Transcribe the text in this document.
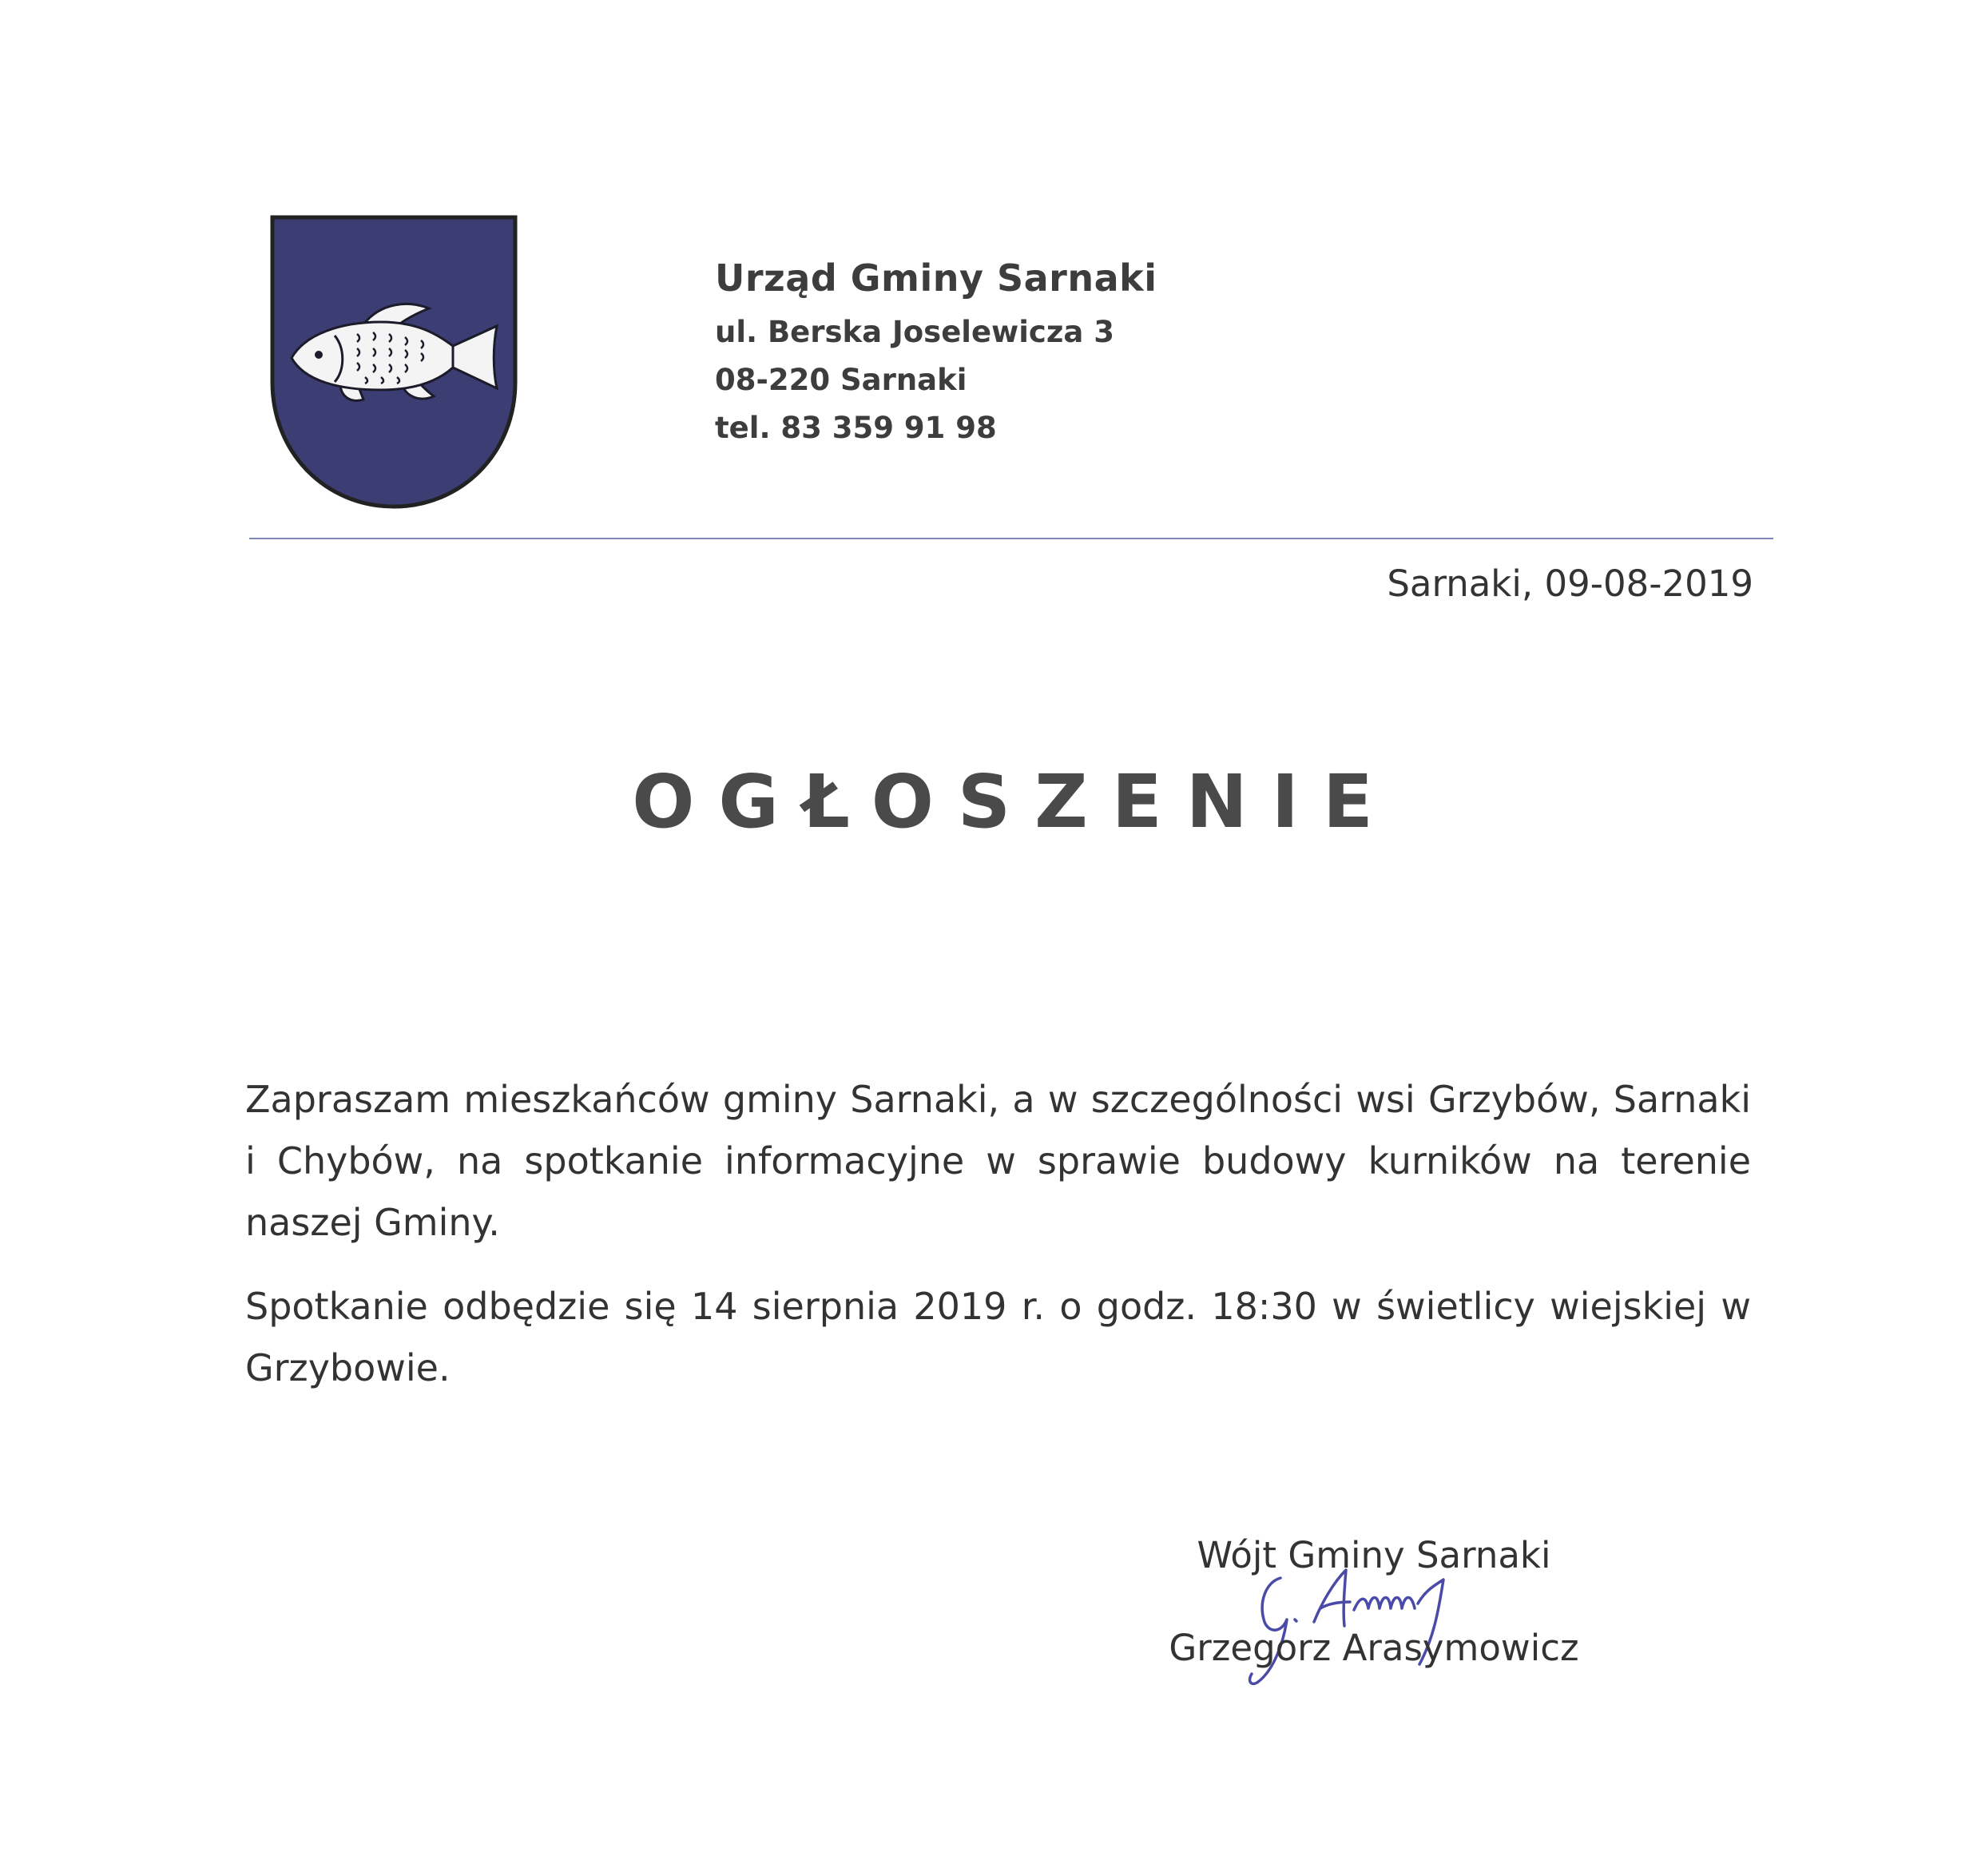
Urząd Gminy Sarnaki
ul. Berska Joselewicza 3
08-220 Sarnaki
tel. 83 359 91 98
Sarnaki, 09-08-2019
OGŁOSZENIE

Zapraszam mieszkańców gminy Sarnaki, a w szczególności wsi Grzybów, Sarnaki i Chybów, na spotkanie informacyjne w sprawie budowy kurników na terenie naszej Gminy.

Spotkanie odbędzie się 14 sierpnia 2019 r. o godz. 18:30 w świetlicy wiejskiej w Grzybowie.

Wójt Gminy Sarnaki
Grzegorz Arasymowicz
